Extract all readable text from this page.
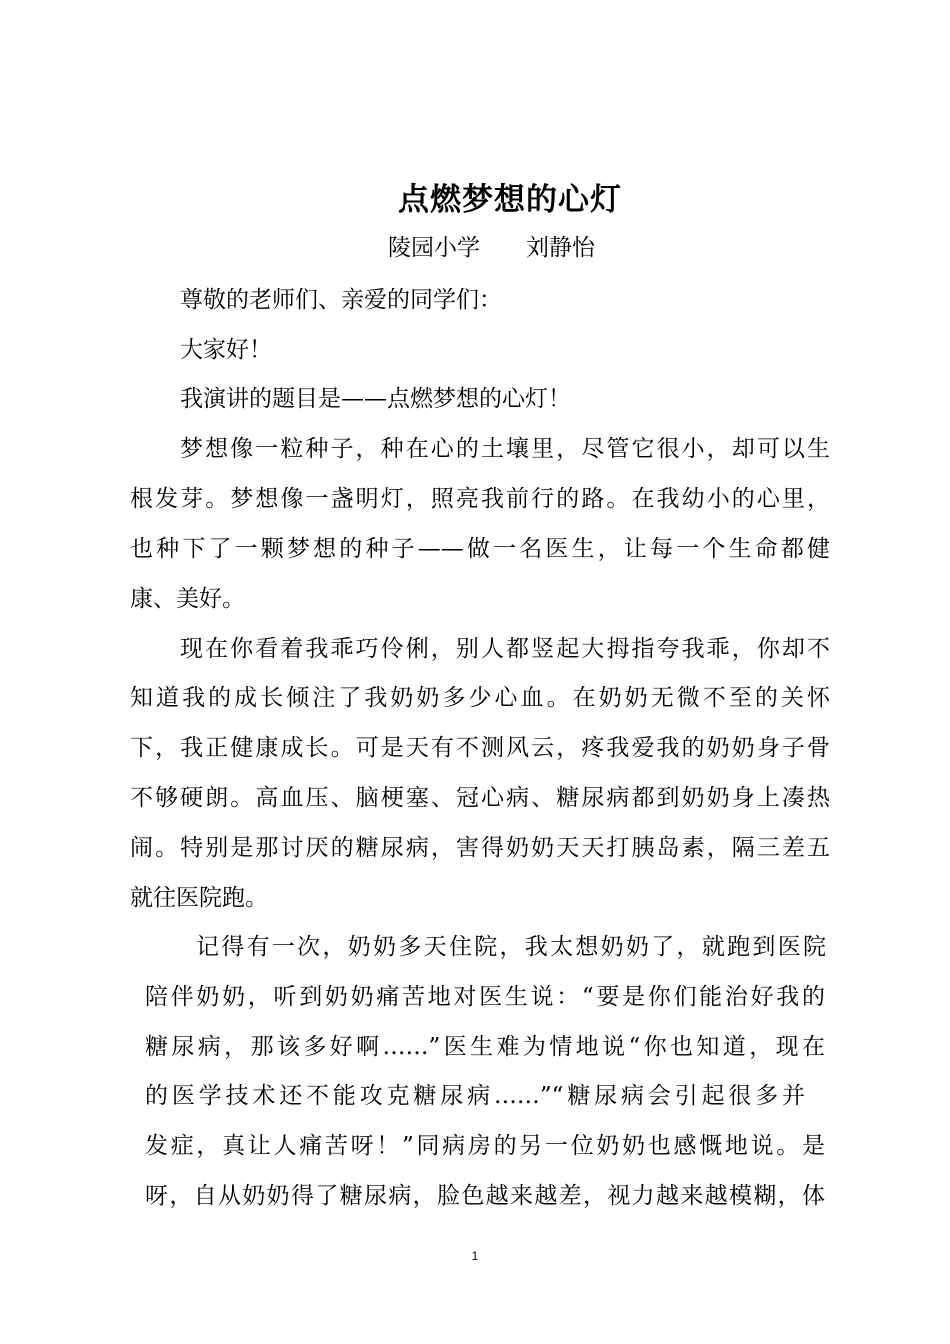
点燃梦想的心灯
陵园小学　　刘静怡
尊敬的老师们、亲爱的同学们：
大家好！
我演讲的题目是——点燃梦想的心灯！
梦想像一粒种子，种在心的土壤里，尽管它很小，却可以生
根发芽。梦想像一盏明灯，照亮我前行的路。在我幼小的心里，
也种下了一颗梦想的种子——做一名医生，让每一个生命都健
康、美好。
现在你看着我乖巧伶俐，别人都竖起大拇指夸我乖，你却不
知道我的成长倾注了我奶奶多少心血。在奶奶无微不至的关怀
下，我正健康成长。可是天有不测风云，疼我爱我的奶奶身子骨
不够硬朗。高血压、脑梗塞、冠心病、糖尿病都到奶奶身上凑热
闹。特别是那讨厌的糖尿病，害得奶奶天天打胰岛素，隔三差五
就往医院跑。
记得有一次，奶奶多天住院，我太想奶奶了，就跑到医院
陪伴奶奶，听到奶奶痛苦地对医生说：“要是你们能治好我的
糖尿病，那该多好啊……”医生难为情地说“你也知道，现在
的医学技术还不能攻克糖尿病……”“糖尿病会引起很多并
发症，真让人痛苦呀！”同病房的另一位奶奶也感慨地说。是
呀，自从奶奶得了糖尿病，脸色越来越差，视力越来越模糊，体
1
